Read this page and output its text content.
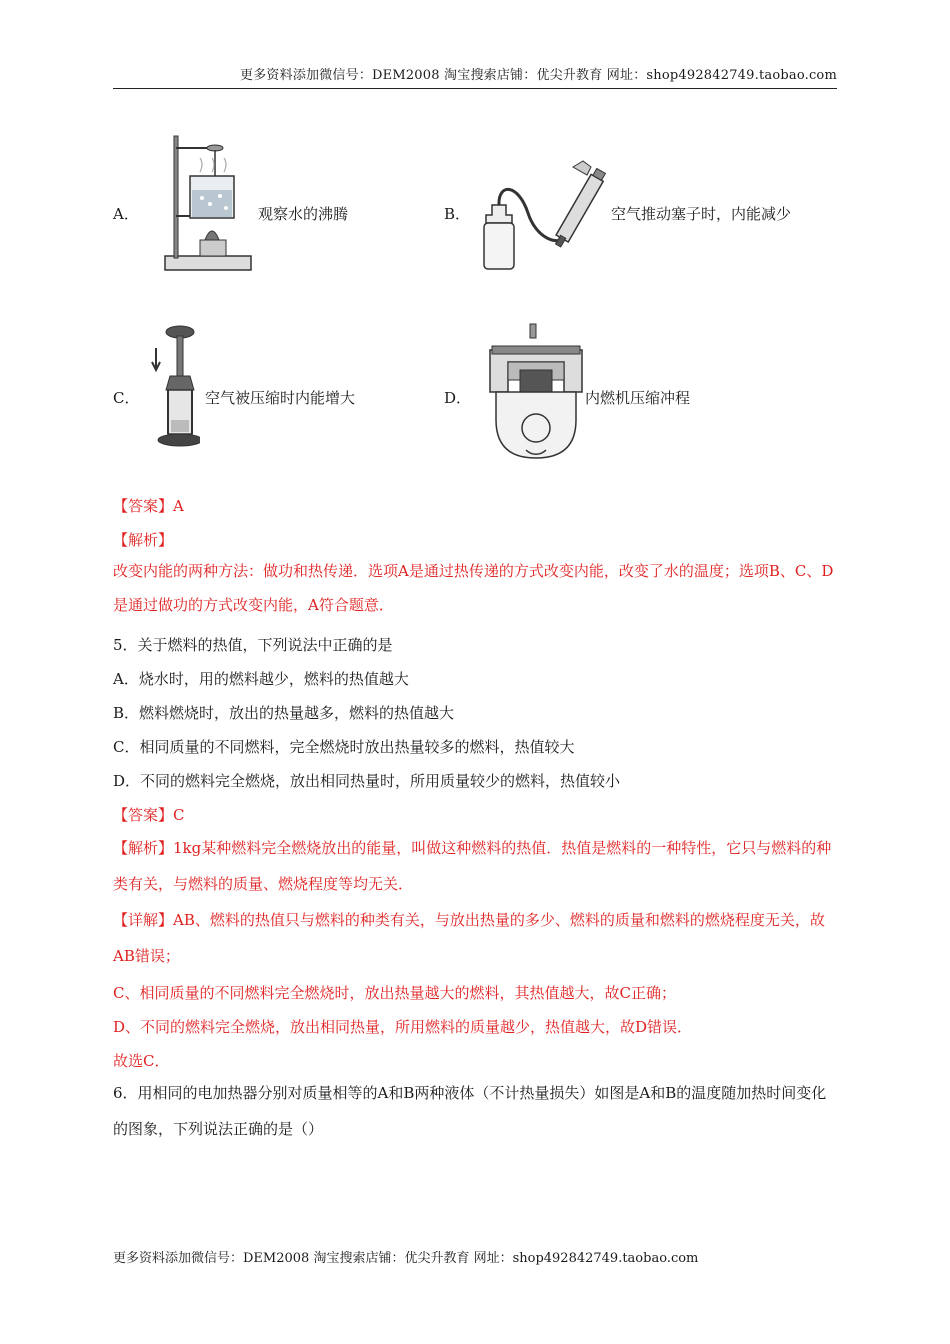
更多资料添加微信号：DEM2008 淘宝搜索店铺：优尖升教育 网址：shop492842749.taobao.com
A．	观察水的沸腾	B．	空气推动塞子时，内能减少
C．	空气被压缩时内能增大	D．	内燃机压缩冲程
【答案】A
【解析】
改变内能的两种方法：做功和热传递．选项A是通过热传递的方式改变内能，改变了水的温度；选项B、C、D是通过做功的方式改变内能，A符合题意．
5．关于燃料的热值，下列说法中正确的是
A．烧水时，用的燃料越少，燃料的热值越大
B．燃料燃烧时，放出的热量越多，燃料的热值越大
C．相同质量的不同燃料，完全燃烧时放出热量较多的燃料，热值较大
D．不同的燃料完全燃烧，放出相同热量时，所用质量较少的燃料，热值较小
【答案】C
【解析】1kg某种燃料完全燃烧放出的能量，叫做这种燃料的热值．热值是燃料的一种特性，它只与燃料的种类有关，与燃料的质量、燃烧程度等均无关．
【详解】AB、燃料的热值只与燃料的种类有关，与放出热量的多少、燃料的质量和燃料的燃烧程度无关，故AB错误；
C、相同质量的不同燃料完全燃烧时，放出热量越大的燃料，其热值越大，故C正确；
D、不同的燃料完全燃烧，放出相同热量，所用燃料的质量越少，热值越大，故D错误．
故选C．
6．用相同的电加热器分别对质量相等的A和B两种液体（不计热量损失）如图是A和B的温度随加热时间变化的图象，下列说法正确的是（）
更多资料添加微信号：DEM2008 淘宝搜索店铺：优尖升教育 网址：shop492842749.taobao.com
